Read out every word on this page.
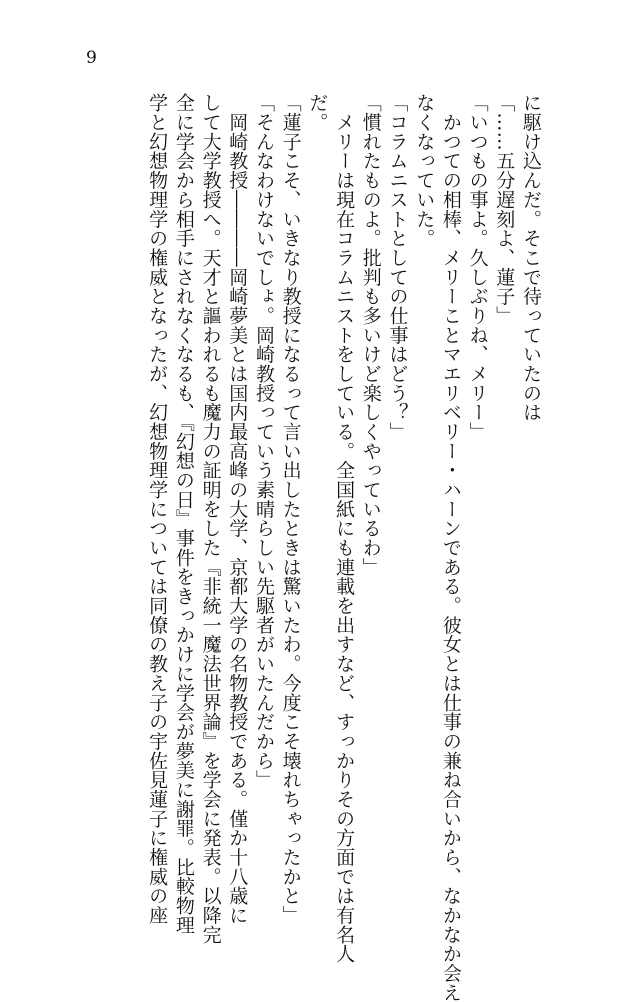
9
に駆け込んだ。そこで待っていたのは
「……五分遅刻よ、蓮子」
「いつもの事よ。久しぶりね、メリー」
　かつての相棒、メリーことマエリベリー・ハーンである。彼女とは仕事の兼ね合いから、なかなか会え
なくなっていた。
「コラムニストとしての仕事はどう？」
「慣れたものよ。批判も多いけど楽しくやっているわ」
　メリーは現在コラムニストをしている。全国紙にも連載を出すなど、すっかりその方面では有名人
だ。
「蓮子こそ、いきなり教授になるって言い出したときは驚いたわ。今度こそ壊れちゃったかと」
「そんなわけないでしょ。岡崎教授っていう素晴らしい先駆者がいたんだから」
　岡崎教授――――岡崎夢美とは国内最高峰の大学、京都大学の名物教授である。僅か十八歳に
して大学教授へ。天才と謳われるも魔力の証明をした『非統一魔法世界論』を学会に発表。以降完
全に学会から相手にされなくなるも、『幻想の日』事件をきっかけに学会が夢美に謝罪。比較物理
学と幻想物理学の権威となったが、幻想物理学については同僚の教え子の宇佐見蓮子に権威の座
